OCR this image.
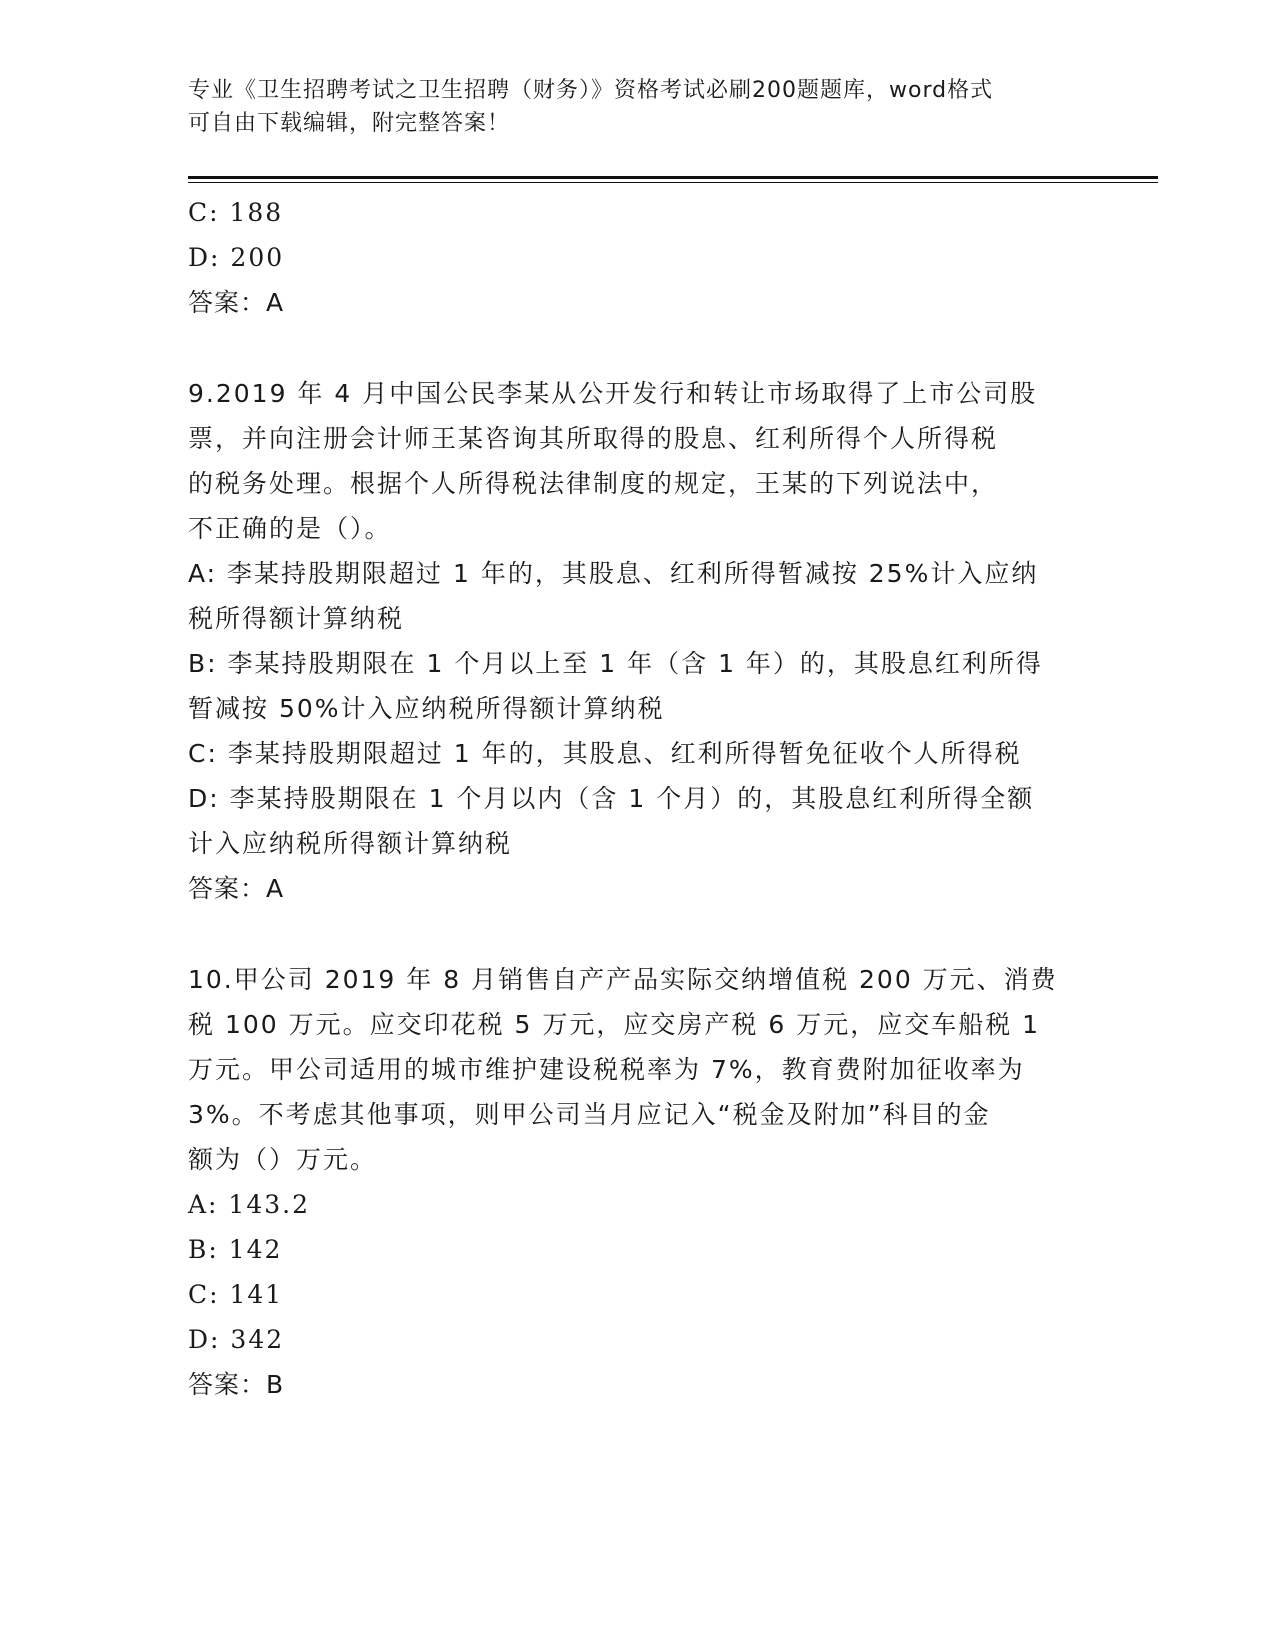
专业《卫生招聘考试之卫生招聘（财务）》资格考试必刷200题题库，word格式
可自由下载编辑，附完整答案！
C: 188
D: 200
答案：A
9.2019 年 4 月中国公民李某从公开发行和转让市场取得了上市公司股
票，并向注册会计师王某咨询其所取得的股息、红利所得个人所得税
的税务处理。根据个人所得税法律制度的规定，王某的下列说法中，
不正确的是（）。
A: 李某持股期限超过 1 年的，其股息、红利所得暂减按 25%计入应纳
税所得额计算纳税
B: 李某持股期限在 1 个月以上至 1 年（含 1 年）的，其股息红利所得
暂减按 50%计入应纳税所得额计算纳税
C: 李某持股期限超过 1 年的，其股息、红利所得暂免征收个人所得税
D: 李某持股期限在 1 个月以内（含 1 个月）的，其股息红利所得全额
计入应纳税所得额计算纳税
答案：A
10.甲公司 2019 年 8 月销售自产产品实际交纳增值税 200 万元、消费
税 100 万元。应交印花税 5 万元，应交房产税 6 万元，应交车船税 1
万元。甲公司适用的城市维护建设税税率为 7%，教育费附加征收率为
3%。不考虑其他事项，则甲公司当月应记入“税金及附加”科目的金
额为（）万元。
A: 143.2
B: 142
C: 141
D: 342
答案：B
